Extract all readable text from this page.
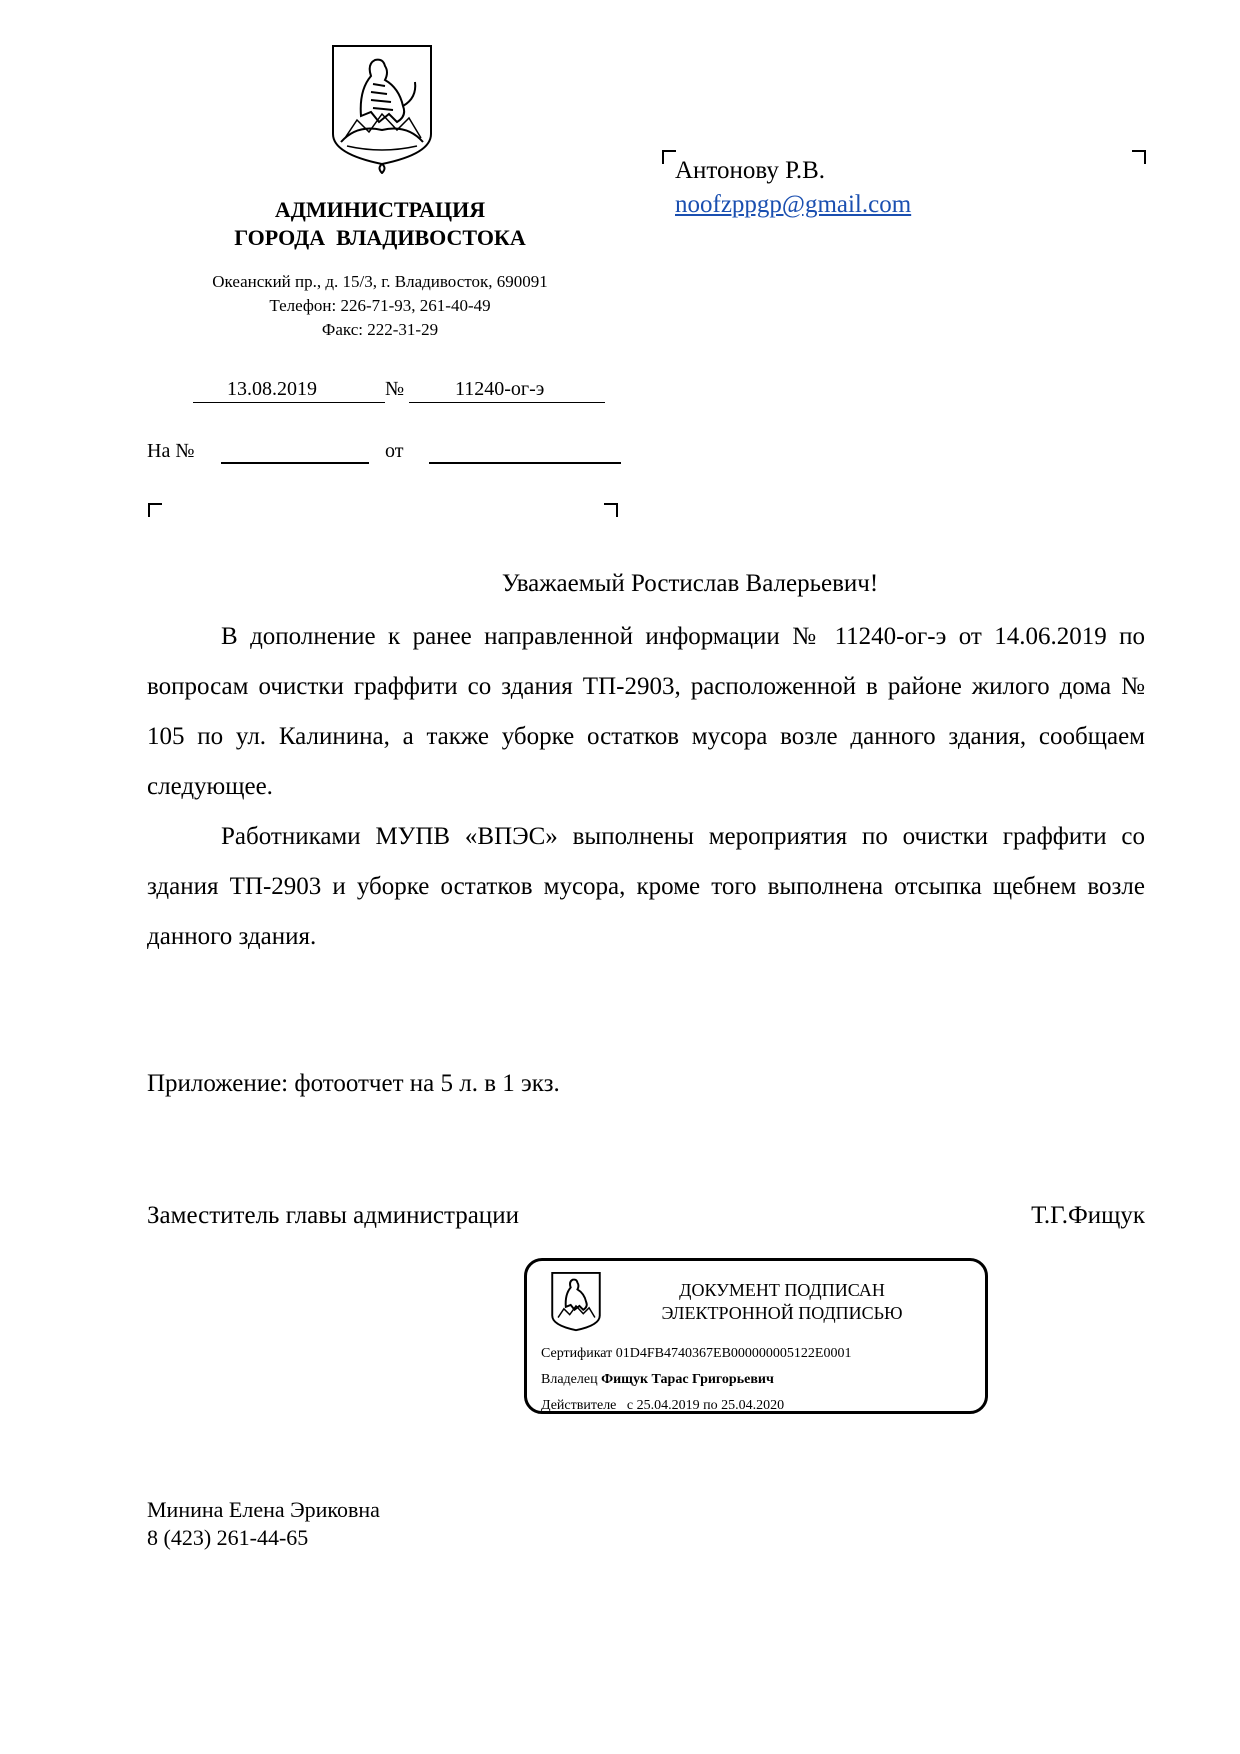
АДМИНИСТРАЦИЯ
ГОРОДА  ВЛАДИВОСТОКА
Океанский пр., д. 15/3, г. Владивосток, 690091
Телефон: 226-71-93, 261-40-49
Факс: 222-31-29
13.08.2019	№	11240-ог-э
На №	от
Антонову Р.В.
noofzppgp@gmail.com
Уважаемый Ростислав Валерьевич!

В дополнение к ранее направленной информации № 11240-ог-э от 14.06.2019 по вопросам очистки граффити со здания ТП-2903, расположенной в районе жилого дома № 105 по ул. Калинина, а также уборке остатков мусора возле данного здания, сообщаем следующее.

Работниками МУПВ «ВПЭС» выполнены мероприятия по очистки граффити со здания ТП-2903 и уборке остатков мусора, кроме того выполнена отсыпка щебнем возле данного здания.

Приложение: фотоотчет на 5 л. в 1 экз.
Заместитель главы администрации	Т.Г.Фищук
ДОКУМЕНТ ПОДПИСАН
ЭЛЕКТРОННОЙ ПОДПИСЬЮ
Сертификат 01D4FB4740367EB000000005122E0001
Владелец Фищук Тарас Григорьевич
Действителе с 25.04.2019 по 25.04.2020
Минина Елена Эриковна
8 (423) 261-44-65
